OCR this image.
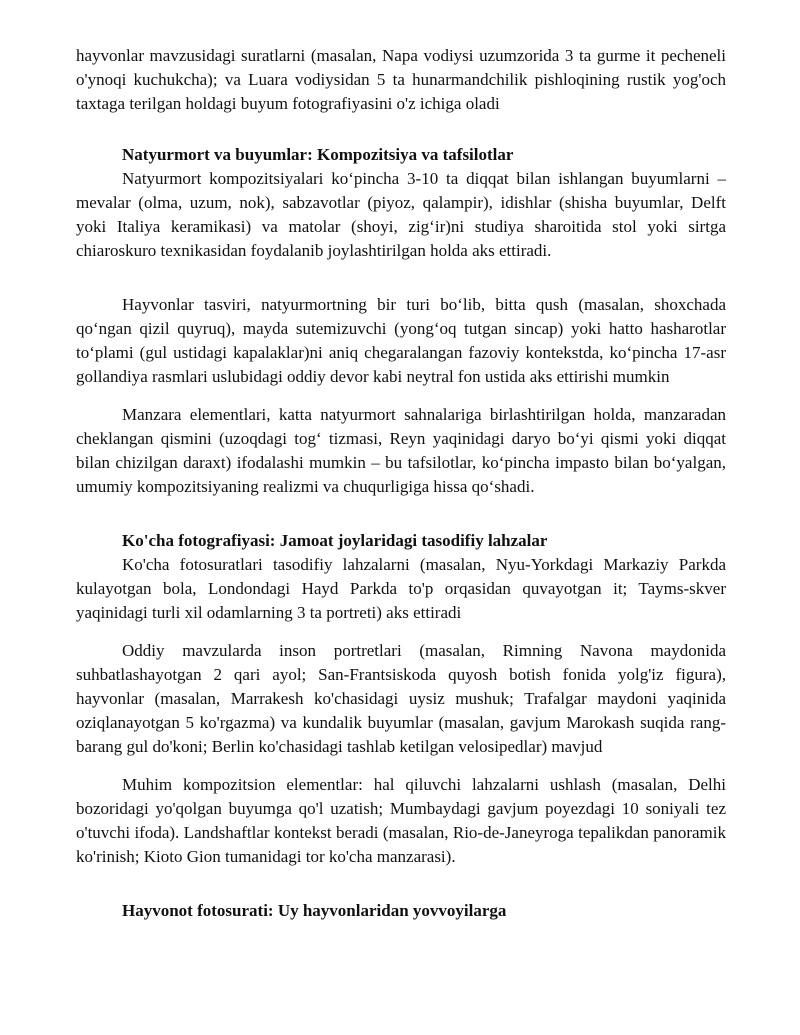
hayvonlar mavzusidagi suratlarni (masalan, Napa vodiysi uzumzorida 3 ta gurme it pecheneli o'ynoqi kuchukcha); va Luara vodiysidan 5 ta hunarmandchilik pishloqining rustik yog'och taxtaga terilgan holdagi buyum fotografiyasini o'z ichiga oladi

Natyurmort va buyumlar: Kompozitsiya va tafsilotlar

Natyurmort kompozitsiyalari ko‘pincha 3-10 ta diqqat bilan ishlangan buyumlarni – mevalar (olma, uzum, nok), sabzavotlar (piyoz, qalampir), idishlar (shisha buyumlar, Delft yoki Italiya keramikasi) va matolar (shoyi, zig‘ir)ni studiya sharoitida stol yoki sirtga chiaroskuro texnikasidan foydalanib joylashtirilgan holda aks ettiradi.

Hayvonlar tasviri, natyurmortning bir turi bo‘lib, bitta qush (masalan, shoxchada qo‘ngan qizil quyruq), mayda sutemizuvchi (yong‘oq tutgan sincap) yoki hatto hasharotlar to‘plami (gul ustidagi kapalaklar)ni aniq chegaralangan fazoviy kontekstda, ko‘pincha 17-asr gollandiya rasmlari uslubidagi oddiy devor kabi neytral fon ustida aks ettirishi mumkin

Manzara elementlari, katta natyurmort sahnalariga birlashtirilgan holda, manzaradan cheklangan qismini (uzoqdagi tog‘ tizmasi, Reyn yaqinidagi daryo bo‘yi qismi yoki diqqat bilan chizilgan daraxt) ifodalashi mumkin – bu tafsilotlar, ko‘pincha impasto bilan bo‘yalgan, umumiy kompozitsiyaning realizmi va chuqurligiga hissa qo‘shadi.

Ko'cha fotografiyasi: Jamoat joylaridagi tasodifiy lahzalar

Ko'cha fotosuratlari tasodifiy lahzalarni (masalan, Nyu-Yorkdagi Markaziy Parkda kulayotgan bola, Londondagi Hayd Parkda to'p orqasidan quvayotgan it; Tayms-skver yaqinidagi turli xil odamlarning 3 ta portreti) aks ettiradi

Oddiy mavzularda inson portretlari (masalan, Rimning Navona maydonida suhbatlashayotgan 2 qari ayol; San-Frantsiskoda quyosh botish fonida yolg'iz figura), hayvonlar (masalan, Marrakesh ko'chasidagi uysiz mushuk; Trafalgar maydoni yaqinida oziqlanayotgan 5 ko'rgazma) va kundalik buyumlar (masalan, gavjum Marokash suqida rang-barang gul do'koni; Berlin ko'chasidagi tashlab ketilgan velosipedlar) mavjud

Muhim kompozitsion elementlar: hal qiluvchi lahzalarni ushlash (masalan, Delhi bozoridagi yo'qolgan buyumga qo'l uzatish; Mumbaydagi gavjum poyezdagi 10 soniyali tez o'tuvchi ifoda). Landshaftlar kontekst beradi (masalan, Rio-de-Janeyroga tepalikdan panoramik ko'rinish; Kioto Gion tumanidagi tor ko'cha manzarasi).

Hayvonot fotosurati: Uy hayvonlaridan yovvoyilarga
